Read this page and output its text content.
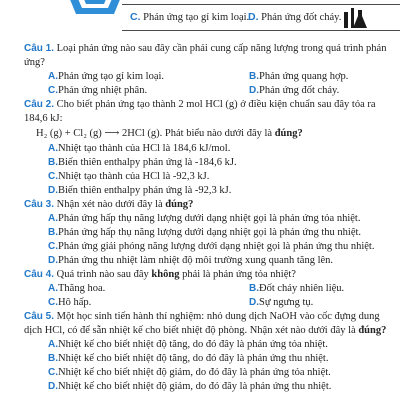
C. Phản ứng tạo gỉ kim loại.
D. Phản ứng đốt cháy.

Câu 1. Loại phản ứng nào sau đây cần phải cung cấp năng lượng trong quá trình phản ứng?

A. Phản ứng tạo gỉ kim loại.	B. Phản ứng quang hợp.

C. Phản ứng nhiệt phân.	D. Phản ứng đốt cháy.

Câu 2. Cho biết phản ứng tạo thành 2 mol HCl (g) ở điều kiện chuẩn sau đây tỏa ra 184,6 kJ:

H₂ (g) + Cl₂ (g) ⟶ 2HCl (g). Phát biểu nào dưới đây là đúng?

A. Nhiệt tạo thành của HCl là 184,6 kJ/mol.

B. Biến thiên enthalpy phản ứng là -184,6 kJ.

C. Nhiệt tạo thành của HCl là -92,3 kJ.

D. Biến thiên enthalpy phản ứng là -92,3 kJ.

Câu 3. Nhận xét nào dưới đây là đúng?

A. Phản ứng hấp thụ năng lượng dưới dạng nhiệt gọi là phản ứng tỏa nhiệt.

B. Phản ứng hấp thụ năng lượng dưới dạng nhiệt gọi là phản ứng thu nhiệt.

C. Phản ứng giải phóng năng lượng dưới dạng nhiệt gọi là phản ứng thu nhiệt.

D. Phản ứng thu nhiệt làm nhiệt độ môi trường xung quanh tăng lên.

Câu 4. Quá trình nào sau đây không phải là phản ứng tỏa nhiệt?

A. Thăng hoa.	B. Đốt cháy nhiên liệu.

C. Hô hấp.	D. Sự ngưng tụ.

Câu 5. Một học sinh tiến hành thí nghiệm: nhỏ dung dịch NaOH vào cốc đựng dung dịch HCl, có để sẵn nhiệt kế cho biết nhiệt độ phòng. Nhận xét nào dưới đây là đúng?

A. Nhiệt kế cho biết nhiệt độ tăng, do đó đây là phản ứng tỏa nhiệt.

B. Nhiệt kế cho biết nhiệt độ tăng, do đó đây là phản ứng thu nhiệt.

C. Nhiệt kế cho biết nhiệt độ giảm, do đó đây là phản ứng tỏa nhiệt.

D. Nhiệt kế cho biết nhiệt độ giảm, do đó đây là phản ứng thu nhiệt.
